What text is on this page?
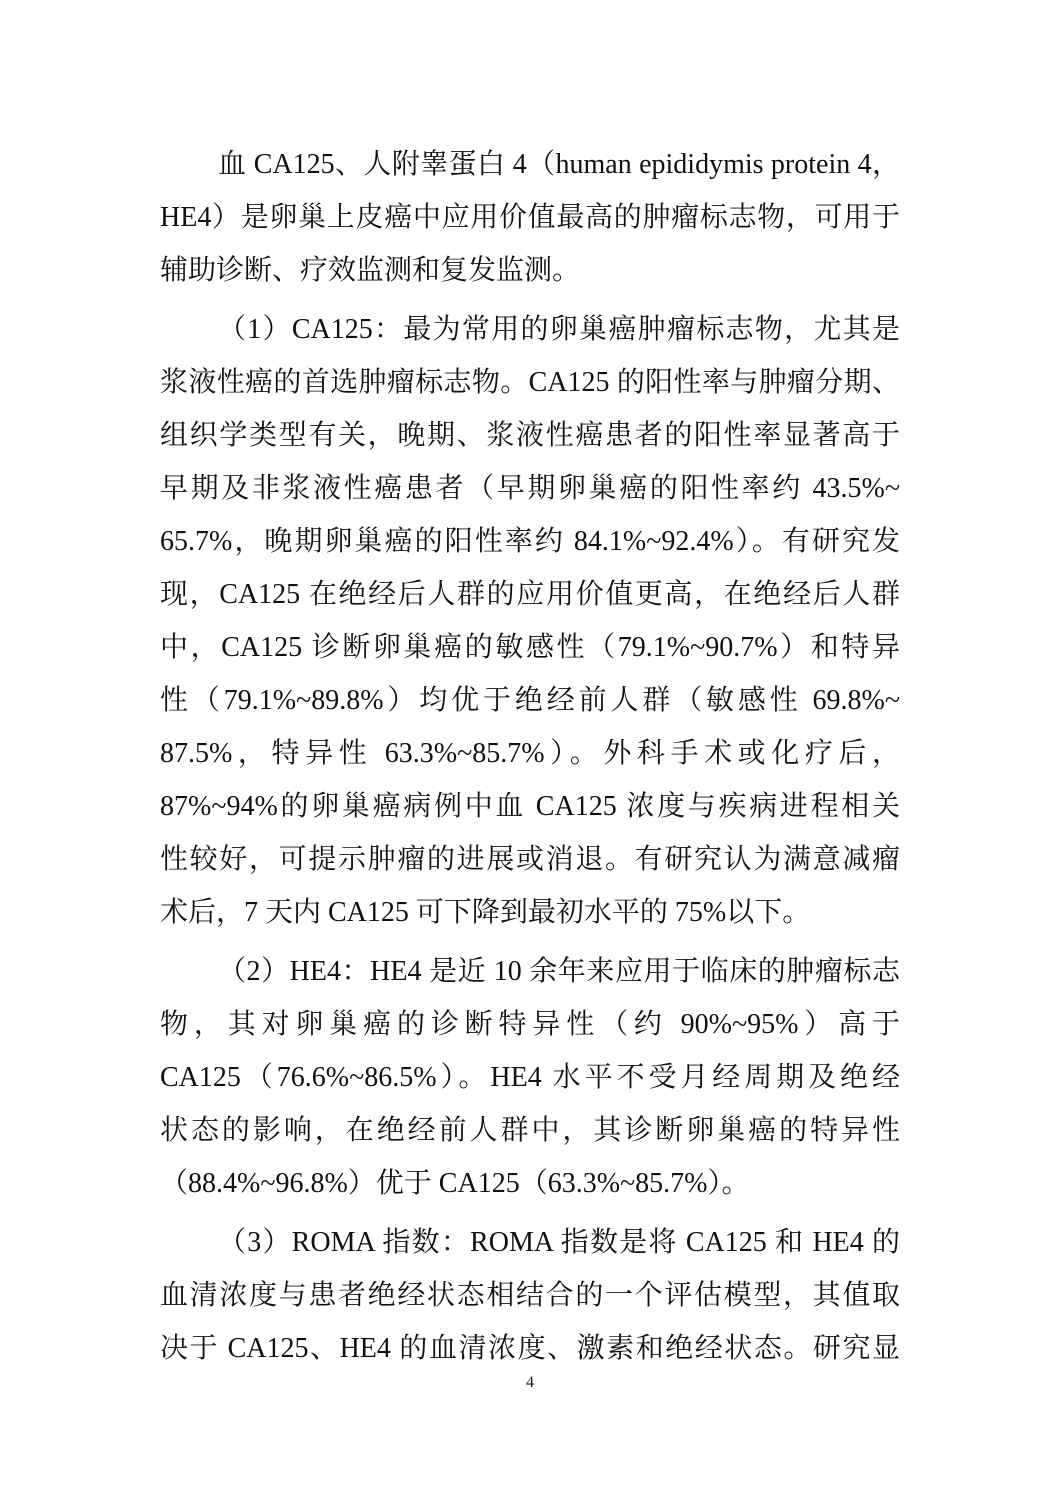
血 CA125、人附睾蛋白 4（human epididymis protein 4，
HE4）是卵巢上皮癌中应用价值最高的肿瘤标志物，可用于
辅助诊断、疗效监测和复发监测。
（1）CA125：最为常用的卵巢癌肿瘤标志物，尤其是
浆液性癌的首选肿瘤标志物。CA125 的阳性率与肿瘤分期、
组织学类型有关，晚期、浆液性癌患者的阳性率显著高于
早期及非浆液性癌患者（早期卵巢癌的阳性率约 43.5%~
65.7%，晚期卵巢癌的阳性率约 84.1%~92.4%）。有研究发
现，CA125 在绝经后人群的应用价值更高，在绝经后人群
中，CA125 诊断卵巢癌的敏感性（79.1%~90.7%）和特异
性（79.1%~89.8%）均优于绝经前人群（敏感性 69.8%~
87.5%，特异性 63.3%~85.7%）。外科手术或化疗后，
87%~94%的卵巢癌病例中血 CA125 浓度与疾病进程相关
性较好，可提示肿瘤的进展或消退。有研究认为满意减瘤
术后，7 天内 CA125 可下降到最初水平的 75%以下。
（2）HE4：HE4 是近 10 余年来应用于临床的肿瘤标志
物，其对卵巢癌的诊断特异性（约 90%~95%）高于
CA125（76.6%~86.5%）。HE4 水平不受月经周期及绝经
状态的影响，在绝经前人群中，其诊断卵巢癌的特异性
（88.4%~96.8%）优于 CA125（63.3%~85.7%）。
（3）ROMA 指数：ROMA 指数是将 CA125 和 HE4 的
血清浓度与患者绝经状态相结合的一个评估模型，其值取
决于 CA125、HE4 的血清浓度、激素和绝经状态。研究显
4
